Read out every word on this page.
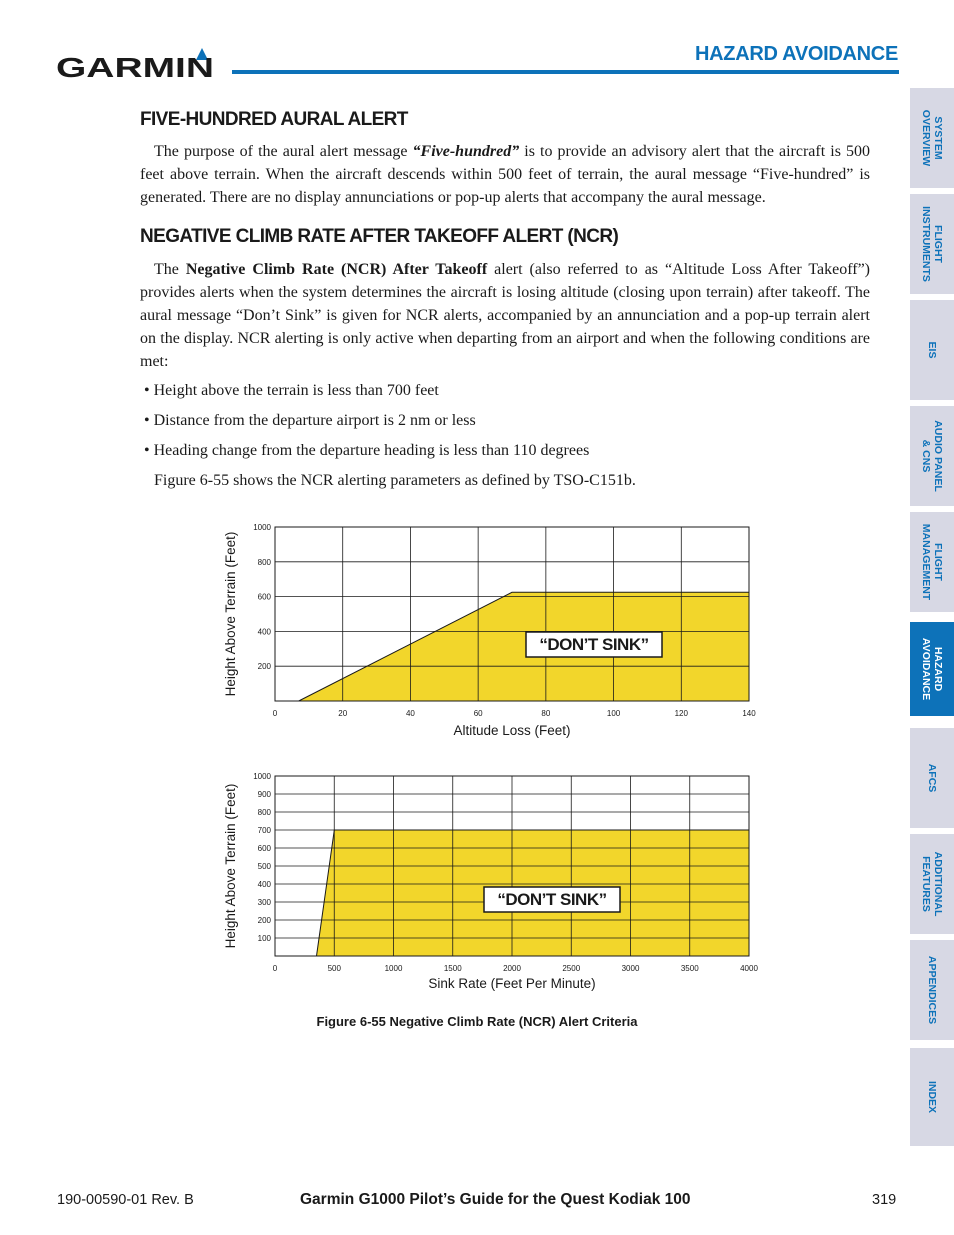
GARMIN	HAZARD AVOIDANCE
FIVE-HUNDRED AURAL ALERT

The purpose of the aural alert message “Five-hundred” is to provide an advisory alert that the aircraft is 500 feet above terrain. When the aircraft descends within 500 feet of terrain, the aural message “Five-hundred” is generated. There are no display annunciations or pop-up alerts that accompany the aural message.

NEGATIVE CLIMB RATE AFTER TAKEOFF ALERT (NCR)

The Negative Climb Rate (NCR) After Takeoff alert (also referred to as “Altitude Loss After Takeoff”) provides alerts when the system determines the aircraft is losing altitude (closing upon terrain) after takeoff. The aural message “Don’t Sink” is given for NCR alerts, accompanied by an annunciation and a pop-up terrain alert on the display. NCR alerting is only active when departing from an airport and when the following conditions are met:

• Height above the terrain is less than 700 feet
• Distance from the departure airport is 2 nm or less
• Heading change from the departure heading is less than 110 degrees
Figure 6-55 shows the NCR alerting parameters as defined by TSO-C151b.
0	20	40	60	80	100	120	140
200
400
600
800
1000
Altitude Loss (Feet)
Height Above Terrain (Feet)	“DON’T SINK”
0	500	1000	1500	2000	2500	3000	3500	4000
100
200
300
400
500
600
700
800
900
1000
Sink Rate (Feet Per Minute)
Height Above Terrain (Feet)	“DON’T SINK”
Figure 6-55 Negative Climb Rate (NCR) Alert Criteria
SYSTEM
OVERVIEW
FLIGHT
INSTRUMENTS
EIS
AUDIO PANEL
& CNS
FLIGHT
MANAGEMENT
HAZARD
AVOIDANCE
AFCS
ADDITIONAL
FEATURES
APPENDICES
INDEX
190-00590-01 Rev. B	Garmin G1000 Pilot’s Guide for the Quest Kodiak 100	319
